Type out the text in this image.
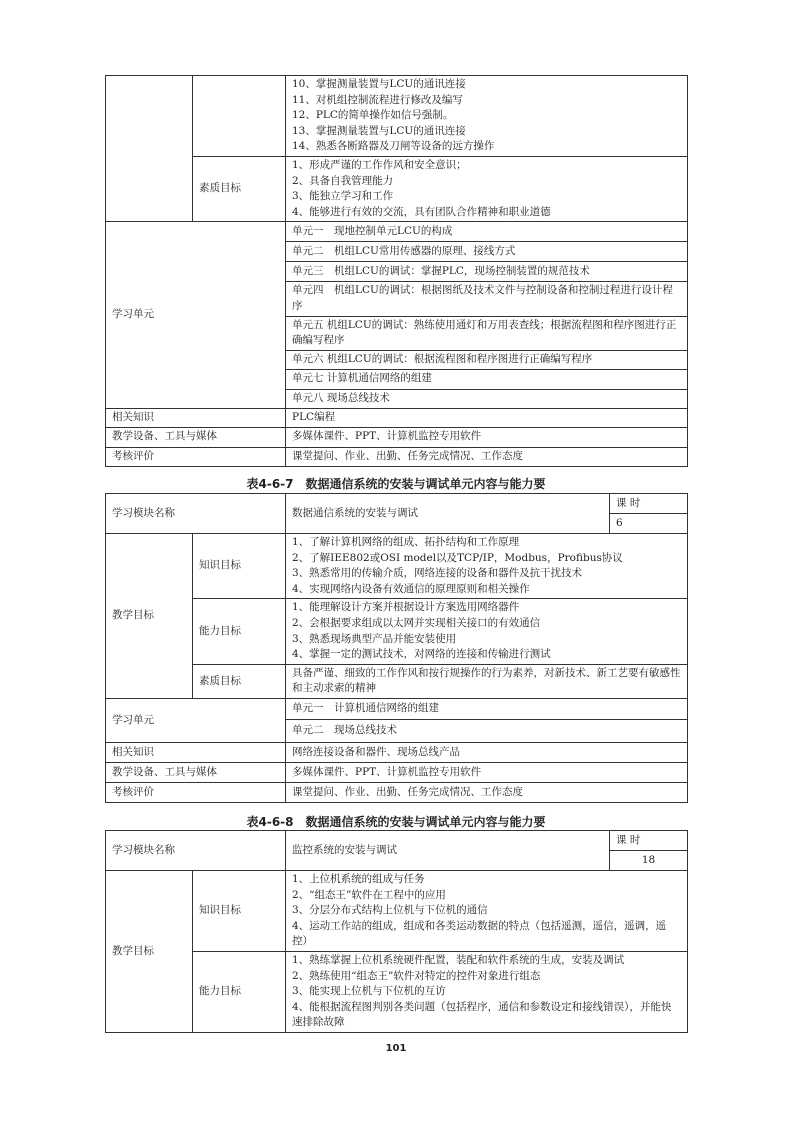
		10、掌握测量装置与LCU的通讯连接
11、对机组控制流程进行修改及编写
12、PLC的简单操作如信号强制。
13、掌握测量装置与LCU的通讯连接
14、熟悉各断路器及刀闸等设备的远方操作

	素质目标	1、形成严谨的工作作风和安全意识；
2、具备自我管理能力
3、能独立学习和工作
4、能够进行有效的交流，具有团队合作精神和职业道德

学习单元		单元一　现地控制单元LCU的构成
		单元二　机组LCU常用传感器的原理、接线方式
		单元三　机组LCU的调试：掌握PLC，现场控制装置的规范技术
		单元四　机组LCU的调试：根据图纸及技术文件与控制设备和控制过程进行设计程序
		单元五 机组LCU的调试：熟练使用通灯和万用表查线；根据流程图和程序图进行正确编写程序
		单元六 机组LCU的调试：根据流程图和程序图进行正确编写程序
		单元七 计算机通信网络的组建
		单元八 现场总线技术
相关知识		PLC编程
教学设备、工具与媒体		多媒体课件、PPT、计算机监控专用软件
考核评价		课堂提问、作业、出勤、任务完成情况、工作态度
表4-6-7　数据通信系统的安装与调试单元内容与能力要
学习模块名称		数据通信系统的安装与调试	课 时
			6
教学目标	知识目标	1、了解计算机网络的组成、拓扑结构和工作原理
2、了解IEE802或OSI model以及TCP/IP，Modbus，Profibus协议
3、熟悉常用的传输介质，网络连接的设备和器件及抗干扰技术
4、实现网络内设备有效通信的原理原则和相关操作	

	能力目标	1、能理解设计方案并根据设计方案选用网络器件
2、会根据要求组成以太网并实现相关接口的有效通信
3、熟悉现场典型产品并能安装使用
4、掌握一定的测试技术，对网络的连接和传输进行测试	

	素质目标	具备严谨、细致的工作作风和按行规操作的行为素养，对新技术、新工艺要有敏感性和主动求索的精神	
学习单元		单元一　计算机通信网络的组建	
		单元二　现场总线技术	
相关知识		网络连接设备和器件、现场总线产品	
教学设备、工具与媒体		多媒体课件、PPT、计算机监控专用软件	
考核评价		课堂提问、作业、出勤、任务完成情况、工作态度	
表4-6-8　数据通信系统的安装与调试单元内容与能力要
学习模块名称		监控系统的安装与调试	课 时
			18
教学目标	知识目标	1、上位机系统的组成与任务
2、“组态王”软件在工程中的应用
3、分层分布式结构上位机与下位机的通信
4、运动工作站的组成，组成和各类运动数据的特点（包括遥测，遥信，遥调，遥控）	

	能力目标	1、熟练掌握上位机系统硬件配置，装配和软件系统的生成，安装及调试
2、熟练使用“组态王”软件对特定的控件对象进行组态
3、能实现上位机与下位机的互访
4、能根据流程图判别各类问题（包括程序，通信和参数设定和接线错误），并能快速排除故障	
101
